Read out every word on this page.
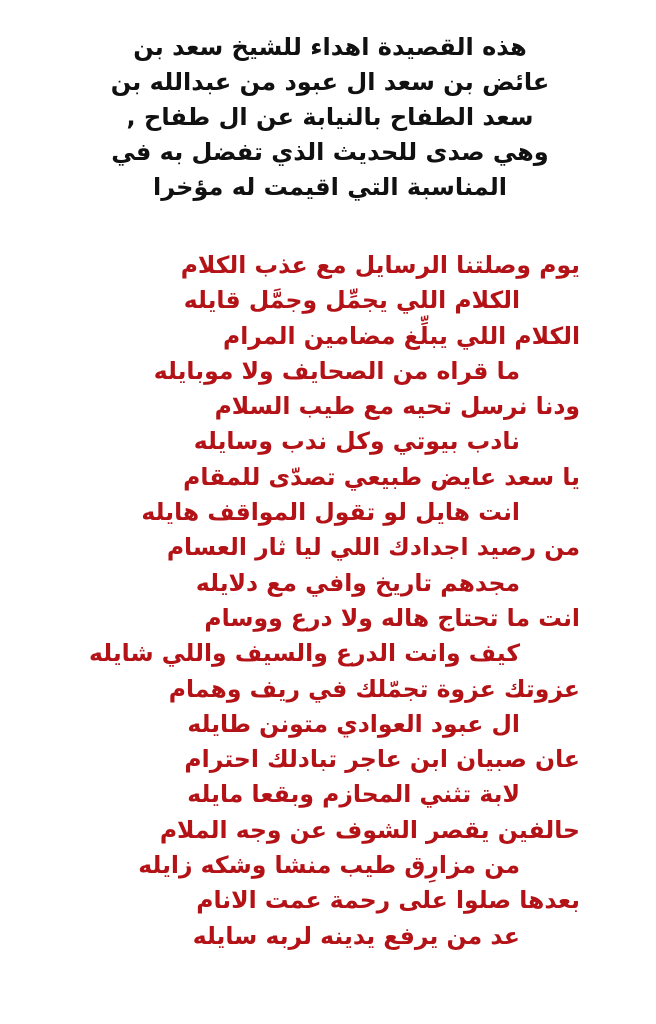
هذه القصيدة اهداء للشيخ سعد بن
عائض بن سعد ال عبود من عبدالله بن
سعد الطفاح بالنيابة عن ال طفاح ,
وهي صدى للحديث الذي تفضل به في
المناسبة التي اقيمت له مؤخرا
يوم وصلتنا الرسايل مع عذب الكلام
الكلام اللي يجمِّل وجمَّل قايله
الكلام اللي يبلِّغ مضامين المرام
ما قراه من الصحايف ولا موبايله
ودنا نرسل تحيه مع طيب السلام
نادب بيوتي وكل ندب وسايله
يا سعد عايض طبيعي تصدّى للمقام
انت هايل لو تقول المواقف هايله
من رصيد اجدادك اللي ليا ثار العسام
مجدهم تاريخ وافي مع دلايله
انت ما تحتاج هاله ولا درع ووسام
كيف وانت الدرع والسيف واللي شايله
عزوتك عزوة تجمّلك في ريف وهمام
ال عبود العوادي متونن طايله
عان صبيان ابن عاجر تبادلك احترام
لابة تثني المحازم وبقعا مايله
حالفين يقصر الشوف عن وجه الملام
من مزارِق طيب منشا وشكه زايله
بعدها صلوا على رحمة عمت الانام
عد من يرفع يدينه لربه سايله
